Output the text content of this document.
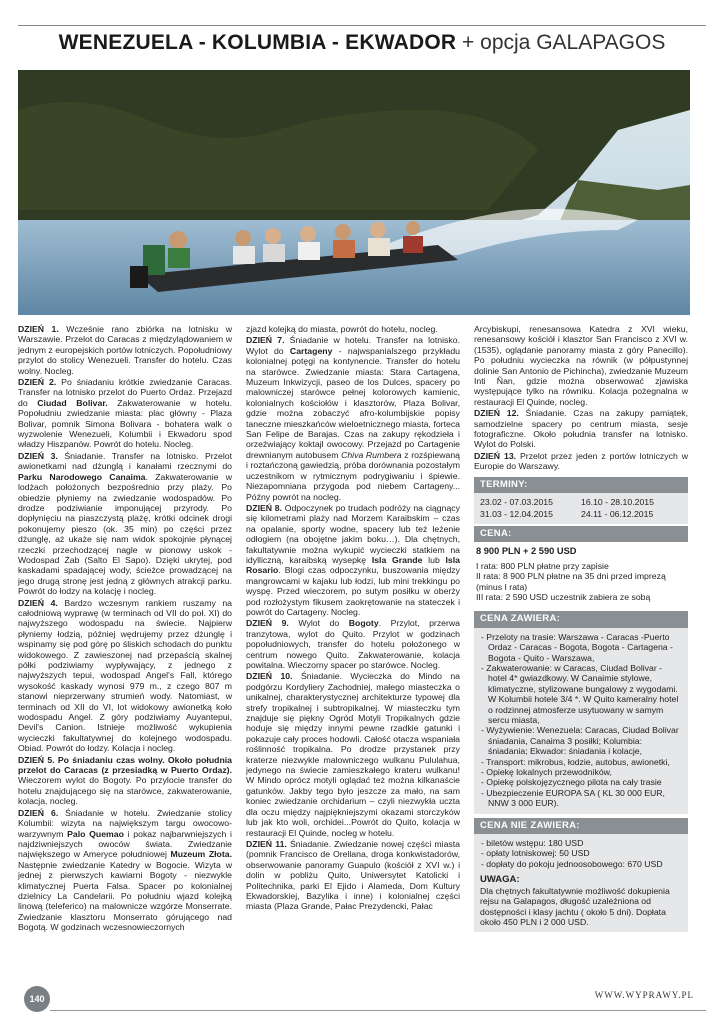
WENEZUELA - KOLUMBIA - EKWADOR + opcja GALAPAGOS

DZIEŃ 1. Wcześnie rano zbiórka na lotnisku w Warszawie. Przelot do Caracas z międzylądowaniem w jednym z europejskich portów lotniczych. Popołudniowy przylot do stolicy Wenezueli. Transfer do hotelu. Czas wolny. Nocleg.

DZIEŃ 2. Po śniadaniu krótkie zwiedzanie Caracas. Transfer na lotnisko przelot do Puerto Ordaz. Przejazd do Ciudad Bolivar. Zakwaterowanie w hotelu. Popołudniu zwiedzanie miasta: plac główny - Plaza Bolivar, pomnik Simona Bolivara - bohatera walk o wyzwolenie Wenezueli, Kolumbii i Ekwadoru spod władzy Hiszpanów. Powrót do hotelu. Nocleg.

DZIEŃ 3. Śniadanie. Transfer na lotnisko. Przelot awionetkami nad dżunglą i kanałami rzecznymi do Parku Narodowego Canaima. Zakwaterowanie w lodżach położonych bezpośrednio przy plaży. Po obiedzie płyniemy na zwiedzanie wodospadów. Po drodze podziwianie imponującej przyrody. Po dopłynięciu na piaszczystą plażę, krótki odcinek drogi pokonujemy pieszo (ok. 35 min) po części przez dżunglę, aż ukaże się nam widok spokojnie płynącej rzeczki przechodzącej nagle w pionowy uskok - Wodospad Żab (Salto El Sapo). Dzięki ukrytej, pod kaskadami spadającej wody, ścieżce prowadzącej na jego drugą stronę jest jedną z głównych atrakcji parku. Powrót do łodzy na kolację i nocleg.

DZIEŃ 4. Bardzo wczesnym rankiem ruszamy na całodniową wyprawę (w terminach od VII do poł. XI) do najwyższego wodospadu na świecie. Najpierw płyniemy łodzią, później wędrujemy przez dżunglę i wspinamy się pod górę po śliskich schodach do punktu widokowego. Z zawieszonej nad przepaścią skalnej półki podziwiamy wypływający, z jednego z najwyższych tepui, wodospad Angel's Fall, którego wysokość kaskady wynosi 979 m., z czego 807 m stanowi nieprzerwany strumień wody. Natomiast, w terminach od XII do VI, lot widokowy awionetką koło wodospadu Angel. Z góry podziwiamy Auyantepui, Devil's Canion. Istnieje możliwość wykupienia wycieczki fakultatywnej do kolejnego wodospadu. Obiad. Powrót do łodzy. Kolacja i nocleg.

DZIEŃ 5. Po śniadaniu czas wolny. Około południa przelot do Caracas (z przesiadką w Puerto Ordaz). Wieczorem wylot do Bogoty. Po przylocie transfer do hotelu znajdującego się na starówce, zakwaterowanie, kolacja, nocleg.

DZIEŃ 6. Śniadanie w hotelu. Zwiedzanie stolicy Kolumbii: wizyta na największym targu owocowo-warzywnym Palo Quemao i pokaz najbarwniejszych i najdziwniejszych owoców świata. Zwiedzanie największego w Ameryce południowej Muzeum Złota. Następnie zwiedzanie Katedry w Bogocie. Wizyta w jednej z pierwszych kawiarni Bogoty - niezwykle klimatycznej Puerta Falsa. Spacer po kolonialnej dzielnicy La Candelarii. Po południu wjazd kolejką linową (teleferico) na malownicze wzgórze Monserrate. Zwiedzanie klasztoru Monserrato górującego nad Bogotą. W godzinach wczesnowieczornych

zjazd kolejką do miasta, powrót do hotelu, nocleg.

DZIEŃ 7. Śniadanie w hotelu. Transfer na lotnisko. Wylot do Cartageny - najwspanialszego przykładu kolonialnej potęgi na kontynencie. Transfer do hotelu na starówce. Zwiedzanie miasta: Stara Cartagena, Muzeum Inkwizycji, paseo de los Dulces, spacery po malowniczej starówce pełnej kolorowych kamienic, kolonialnych kościołów i klasztorów, Plaza Bolivar, gdzie można zobaczyć afro-kolumbijskie popisy taneczne mieszkańców wieloetnicznego miasta, fortecа San Felipe de Barajas. Czas na zakupy rękodzieła i orzeźwiający koktajl owocowy. Przejazd po Cartagenie drewnianym autobusem Chiva Rumbera z rozśpiewaną i roztańczoną gawiedzią, próba dorównania pozostałym uczestnikom w rytmicznym podrygiwaniu i śpiewie. Niezapomniana przygoda pod niebem Cartageny... Późny powrót na nocleg.

DZIEŃ 8. Odpoczynek po trudach podróży na ciągnący się kilometrami plaży nad Morzem Karaibskim – czas na opalanie, sporty wodne, spacery lub też leżenie odłogiem (na obojętne jakim boku…). Dla chętnych, fakultatywnie można wykupić wycieczki statkiem na idylliczną, karaibską wysepkę Isla Grande lub Isla Rosario. Blogi czas odpoczynku, buszowania między mangrowcami w kajaku lub łodzi, lub mini trekkingu po wyspę. Przed wieczorem, po sutym posiłku w oberży pod rozłożystym fikusem zaokrętowanie na stateczek i powrót do Cartageny. Nocleg.

DZIEŃ 9. Wylot do Bogoty. Przylot, przerwa tranzytowa, wylot do Quito. Przylot w godzinach popołudniowych, transfer do hotelu położonego w centrum nowego Quito. Zakwaterowanie, kolacja powitalna. Wieczorny spacer po starówce. Nocleg.

DZIEŃ 10. Śniadanie. Wycieczka do Mindo na podgórzu Kordyliery Zachodniej, małego miasteczka o unikalnej, charakterystycznej architekturze typowej dla strefy tropikalnej i subtropikalnej. W miasteczku tym znajduje się piękny Ogród Motyli Tropikalnych gdzie hoduje się między innymi pewne rzadkie gatunki i pokazuje cały proces hodowli. Całość otacza wspaniała roślinność tropikalna. Po drodze przystanek przy kraterze niezwykle malowniczego wulkanu Pululahua, jedynego na świecie zamieszkałego krateru wulkanu! W Mindo oprócz motyli oglądać też można kilkanaście gatunków. Jakby tego było jeszcze za mało, na sam koniec zwiedzanie orchidarium – czyli niezwykła uczta dla oczu między najpiękniejszymi okazami storczyków lub jak kto woli, orchidei...Powrót do Quito, kolacja w restauracji El Quinde, nocleg w hotelu.

DZIEŃ 11. Śniadanie. Zwiedzanie nowej części miasta (pomnik Francisco de Orellana, droga konkwistadorów, obserwowanie panoramy Guapulo (kościół z XVI w.) i dolin w pobliżu Quito, Uniwersytet Katolicki i Politechnika, parki El Ejido i Alameda, Dom Kultury Ekwadorskiej, Bazylika i inne) i kolonialnej części miasta (Plaza Grande, Pałac Prezydencki, Pałac

Arcybiskupi, renesansowa Katedra z XVI wieku, renesansowy kościół i klasztor San Francisco z XVI w. (1535), oglądanie panoramy miasta z góry Panecillo). Po południu wycieczka na równik (w półpustynnej dolinie San Antonio de Pichincha), zwiedzanie Muzeum Inti Ñan, gdzie można obserwować zjawiska występujące tylko na równiku. Kolacja pożegnalna w restauracji El Quinde, nocleg.

DZIEŃ 12. Śniadanie. Czas na zakupy pamiątek, samodzielne spacery po centrum miasta, sesje fotograficzne. Około południa transfer na lotnisko. Wylot do Polski.

DZIEŃ 13. Przelot przez jeden z portów lotniczych w Europie do Warszawy.

TERMINY:
23.02 - 07.03.2015	16.10 - 28.10.2015
31.03 - 12.04.2015	24.11 - 06.12.2015
CENA:
8 900 PLN + 2 590 USD
I rata: 800 PLN płatne przy zapisie
II rata: 8 900 PLN płatne na 35 dni przed imprezą (minus I rata)
III rata: 2 590 USD uczestnik zabiera ze sobą
CENA ZAWIERA:
- Przeloty na trasie: Warszawa - Caracas -Puerto Ordaz - Caracas - Bogota, Bogota - Cartagena - Bogota - Quito - Warszawa,
- Zakwaterowanie: w Caracas, Ciudad Bolivar - hotel 4* gwiazdkowy. W Canaimie stylowe, klimatyczne, stylizowane bungalowy z wygodami. W Kolumbii hotele 3/4 *. W Quito kameralny hotel o rodzinnej atmosferze usytuowany w samym sercu miasta,
- Wyżywienie: Wenezuela: Caracas, Ciudad Bolivar śniadania, Canaima 3 posiłki; Kolumbia: śniadania; Ekwador: śniadania i kolacje,
- Transport: mikrobus, łodzie, autobus, awionetki,
- Opiekę lokalnych przewodników,
- Opiekę polskojęzycznego pilota na cały trasie
- Ubezpieczenie EUROPA SA ( KL 30 000 EUR, NNW 3 000 EUR).
CENA NIE ZAWIERA:
- biletów wstępu: 180 USD
- opłaty lotniskowej: 50 USD
- dopłaty do pokoju jednoosobowego: 670 USD
UWAGA:
Dla chętnych fakultatywnie możliwość dokupienia rejsu na Galapagos, długość uzależniona od dostępności i klasy jachtu ( około 5 dni). Dopłata około 450 PLN i 2 000 USD.
140	WWW.WYPRAWY.PL
